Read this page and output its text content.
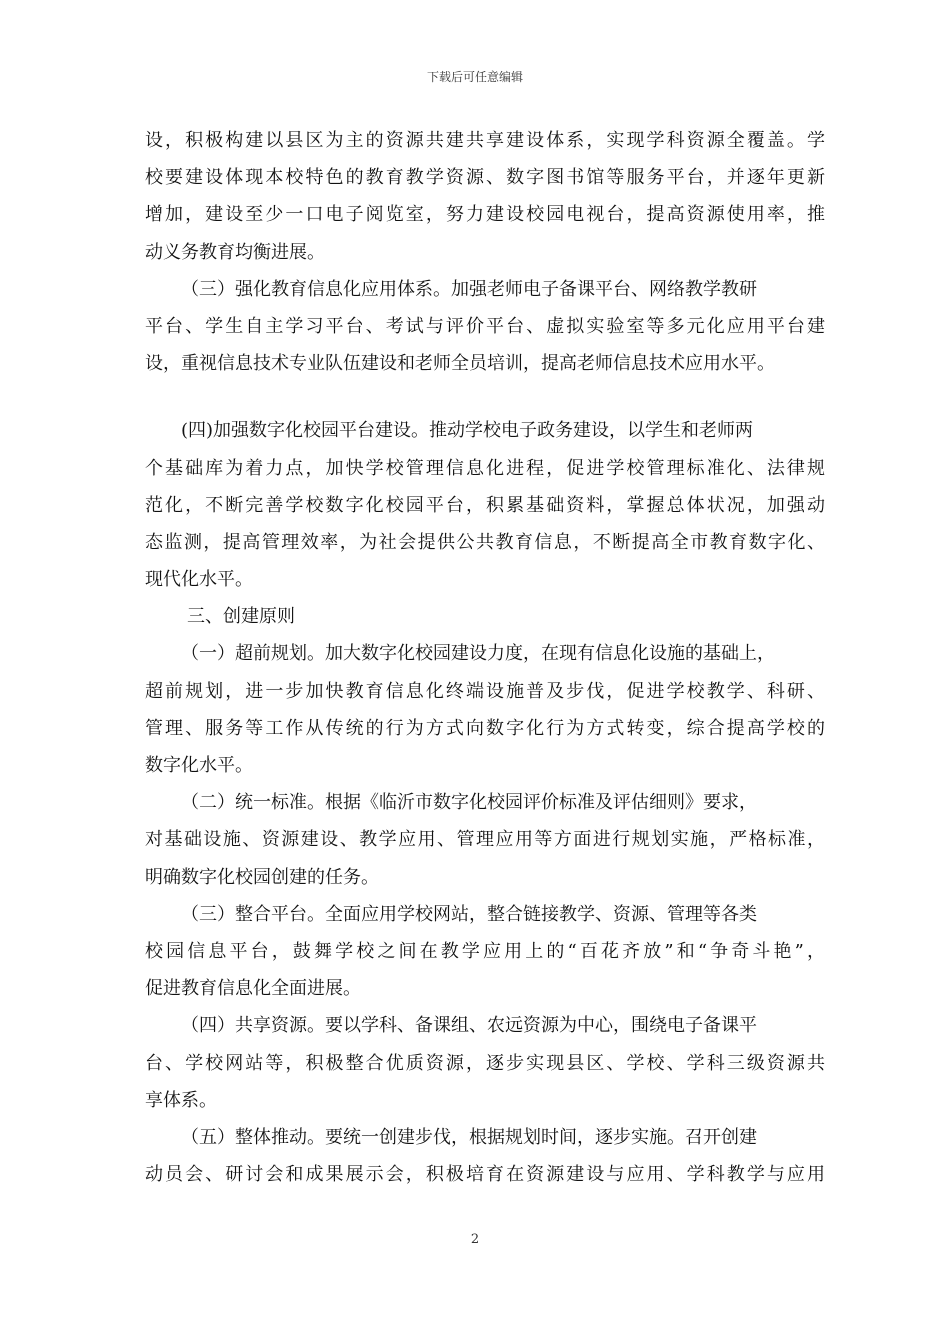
下载后可任意编辑
设，积极构建以县区为主的资源共建共享建设体系，实现学科资源全覆盖。学
校要建设体现本校特色的教育教学资源、数字图书馆等服务平台，并逐年更新
增加，建设至少一口电子阅览室，努力建设校园电视台，提高资源使用率，推
动义务教育均衡进展。
（三）强化教育信息化应用体系。加强老师电子备课平台、网络教学教研
平台、学生自主学习平台、考试与评价平台、虚拟实验室等多元化应用平台建
设，重视信息技术专业队伍建设和老师全员培训，提高老师信息技术应用水平。
(四)加强数字化校园平台建设。推动学校电子政务建设，以学生和老师两
个基础库为着力点，加快学校管理信息化进程，促进学校管理标准化、法律规
范化，不断完善学校数字化校园平台，积累基础资料，掌握总体状况，加强动
态监测，提高管理效率，为社会提供公共教育信息，不断提高全市教育数字化、
现代化水平。
三、创建原则
（一）超前规划。加大数字化校园建设力度，在现有信息化设施的基础上，
超前规划，进一步加快教育信息化终端设施普及步伐，促进学校教学、科研、
管理、服务等工作从传统的行为方式向数字化行为方式转变，综合提高学校的
数字化水平。
（二）统一标准。根据《临沂市数字化校园评价标准及评估细则》要求，
对基础设施、资源建设、教学应用、管理应用等方面进行规划实施，严格标准，
明确数字化校园创建的任务。
（三）整合平台。全面应用学校网站，整合链接教学、资源、管理等各类
校园信息平台，鼓舞学校之间在教学应用上的“百花齐放”和“争奇斗艳”，
促进教育信息化全面进展。
（四）共享资源。要以学科、备课组、农远资源为中心，围绕电子备课平
台、学校网站等，积极整合优质资源，逐步实现县区、学校、学科三级资源共
享体系。
（五）整体推动。要统一创建步伐，根据规划时间，逐步实施。召开创建
动员会、研讨会和成果展示会，积极培育在资源建设与应用、学科教学与应用
2
